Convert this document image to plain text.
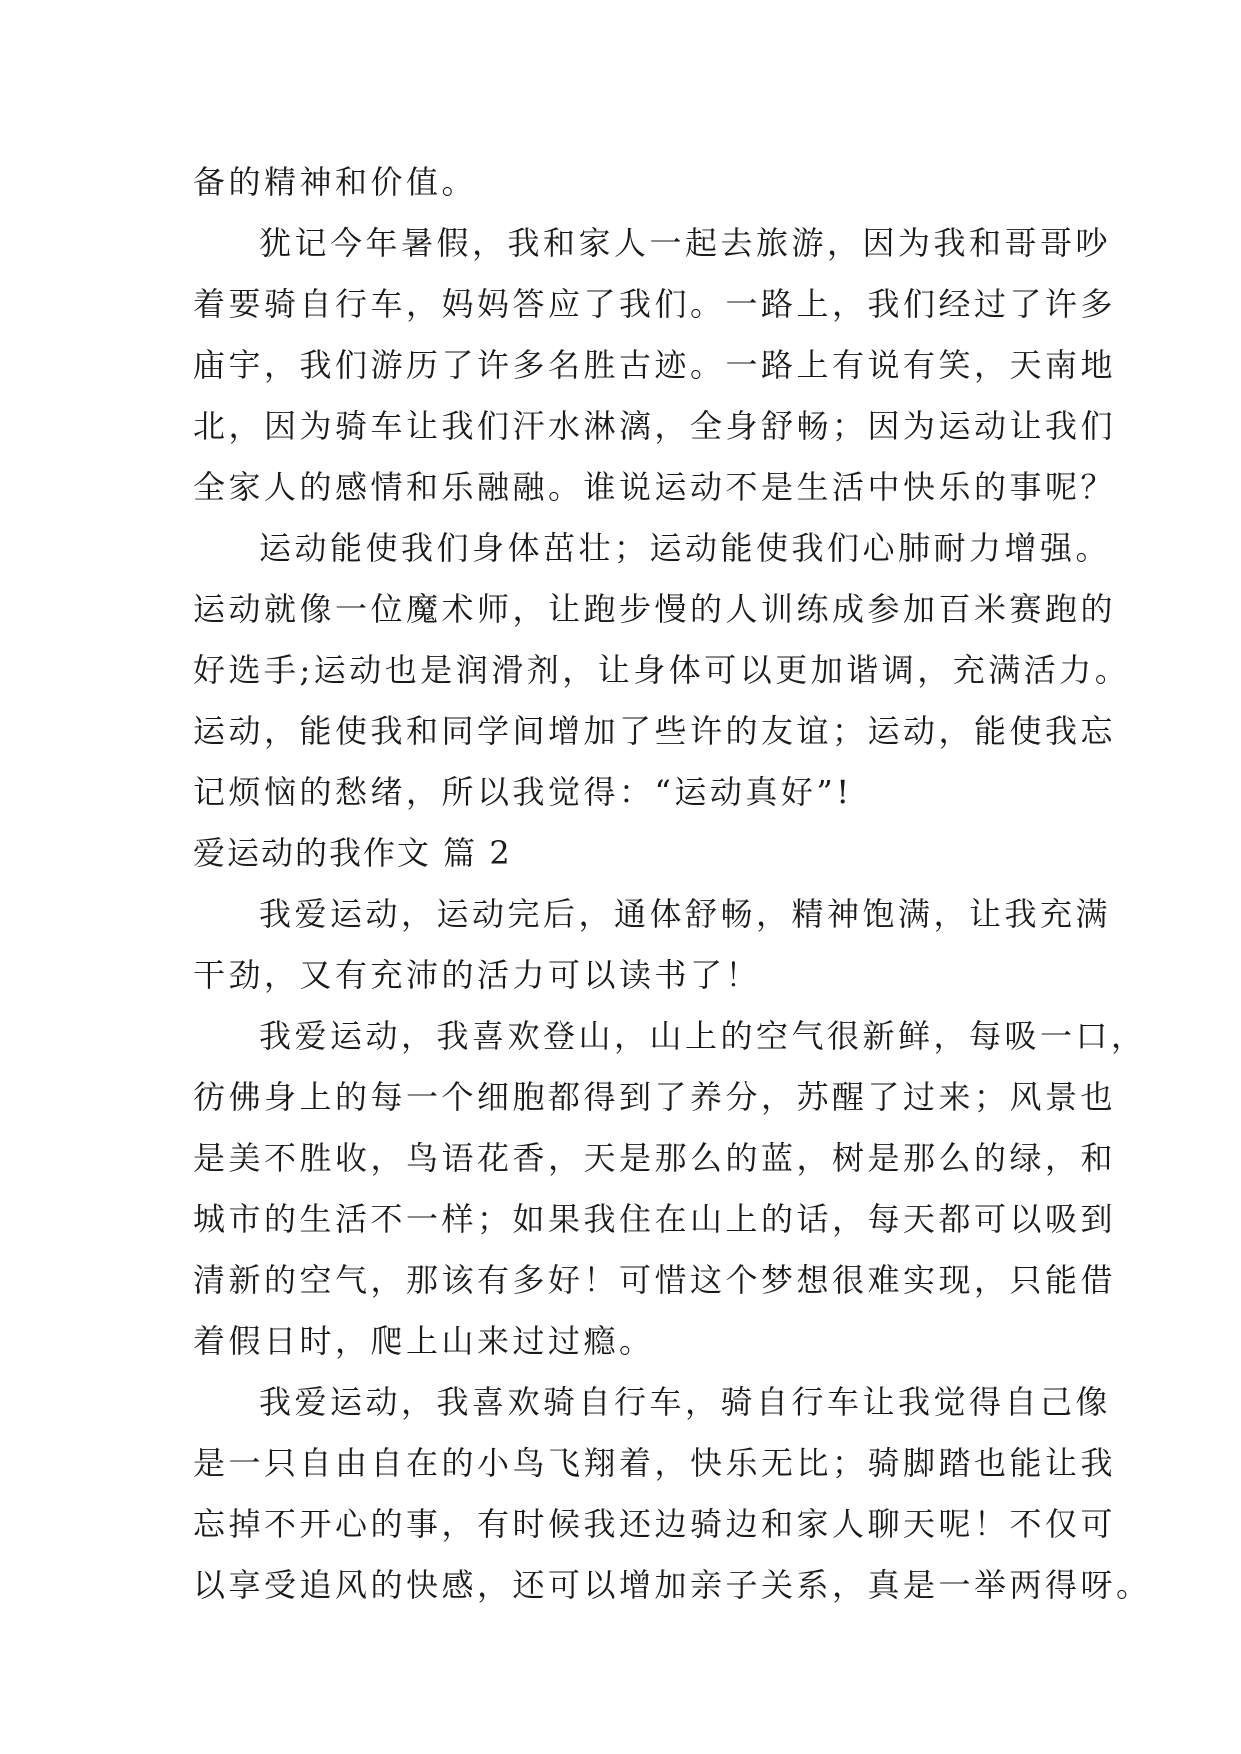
备的精神和价值。
犹记今年暑假，我和家人一起去旅游，因为我和哥哥吵
着要骑自行车，妈妈答应了我们。一路上，我们经过了许多
庙宇，我们游历了许多名胜古迹。一路上有说有笑，天南地
北，因为骑车让我们汗水淋漓，全身舒畅；因为运动让我们
全家人的感情和乐融融。谁说运动不是生活中快乐的事呢？
运动能使我们身体茁壮；运动能使我们心肺耐力增强。
运动就像一位魔术师，让跑步慢的人训练成参加百米赛跑的
好选手;运动也是润滑剂，让身体可以更加谐调，充满活力。
运动，能使我和同学间增加了些许的友谊；运动，能使我忘
记烦恼的愁绪，所以我觉得：“运动真好”!
爱运动的我作文 篇 2
我爱运动，运动完后，通体舒畅，精神饱满，让我充满
干劲，又有充沛的活力可以读书了！
我爱运动，我喜欢登山，山上的空气很新鲜，每吸一口，
彷佛身上的每一个细胞都得到了养分，苏醒了过来；风景也
是美不胜收，鸟语花香，天是那么的蓝，树是那么的绿，和
城市的生活不一样；如果我住在山上的话，每天都可以吸到
清新的空气，那该有多好！可惜这个梦想很难实现，只能借
着假日时，爬上山来过过瘾。
我爱运动，我喜欢骑自行车，骑自行车让我觉得自己像
是一只自由自在的小鸟飞翔着，快乐无比；骑脚踏也能让我
忘掉不开心的事，有时候我还边骑边和家人聊天呢！不仅可
以享受追风的快感，还可以增加亲子关系，真是一举两得呀。
